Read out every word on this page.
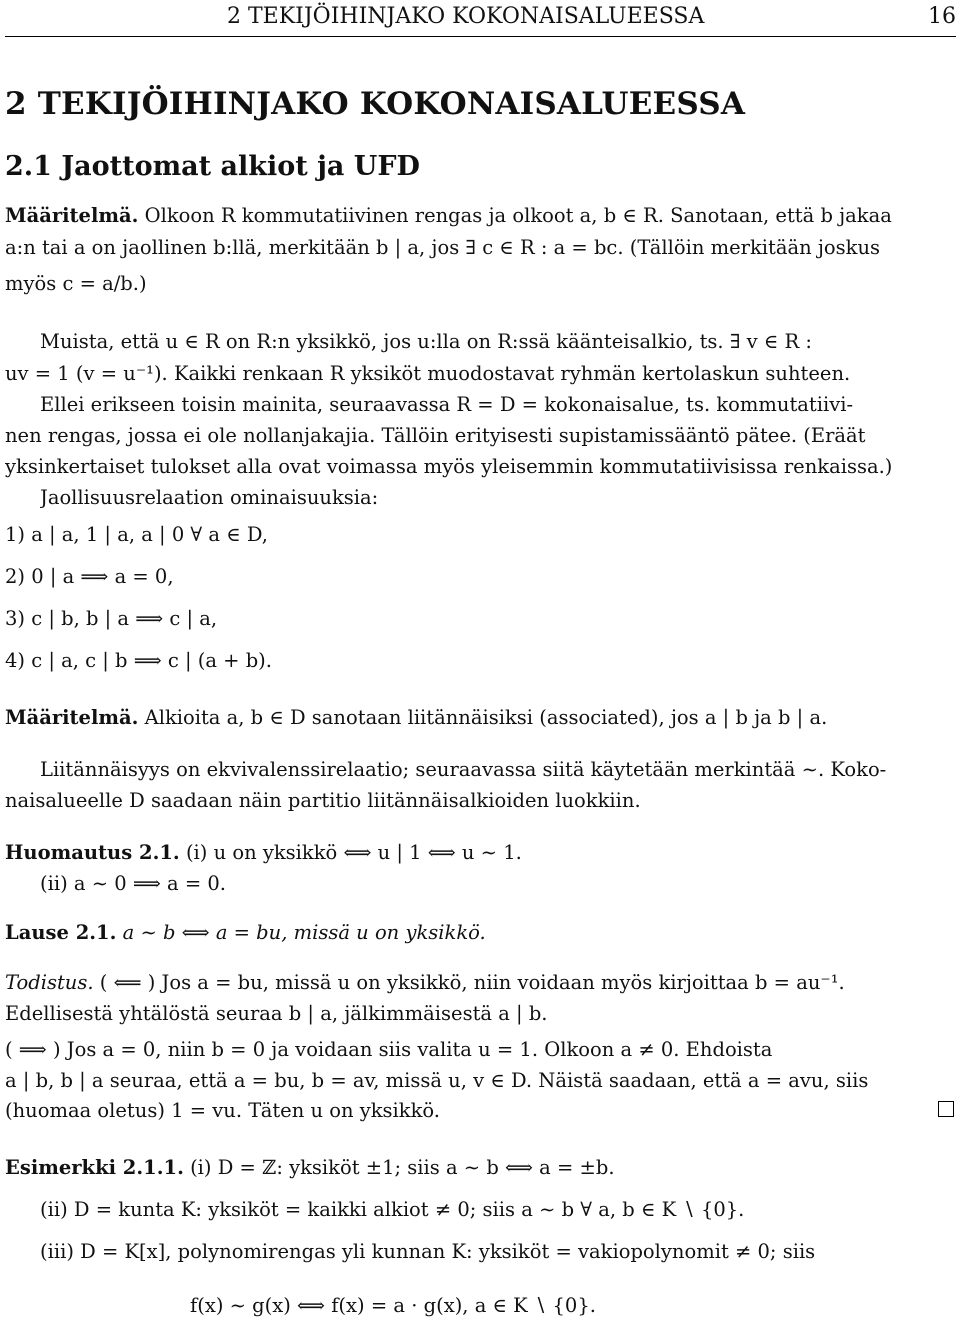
2 TEKIJÖIHINJAKO KOKONAISALUEESSA	16
2 TEKIJÖIHINJAKO KOKONAISALUEESSA
2.1 Jaottomat alkiot ja UFD
Määritelmä. Olkoon R kommutatiivinen rengas ja olkoot a, b ∈ R. Sanotaan, että b jakaa
a:n tai a on jaollinen b:llä, merkitään b | a, jos ∃ c ∈ R : a = bc. (Tällöin merkitään joskus
myös c = a/b.)
Muista, että u ∈ R on R:n yksikkö, jos u:lla on R:ssä käänteisalkio, ts. ∃ v ∈ R :
uv = 1 (v = u⁻¹). Kaikki renkaan R yksiköt muodostavat ryhmän kertolaskun suhteen.
Ellei erikseen toisin mainita, seuraavassa R = D = kokonaisalue, ts. kommutatiivi-
nen rengas, jossa ei ole nollanjakajia. Tällöin erityisesti supistamissääntö pätee. (Eräät
yksinkertaiset tulokset alla ovat voimassa myös yleisemmin kommutatiivisissa renkaissa.)
Jaollisuusrelaation ominaisuuksia:
1) a | a, 1 | a, a | 0 ∀ a ∈ D,
2) 0 | a ⟹ a = 0,
3) c | b, b | a ⟹ c | a,
4) c | a, c | b ⟹ c | (a + b).
Määritelmä. Alkioita a, b ∈ D sanotaan liitännäisiksi (associated), jos a | b ja b | a.
Liitännäisyys on ekvivalenssirelaatio; seuraavassa siitä käytetään merkintää ∼. Koko-
naisalueelle D saadaan näin partitio liitännäisalkioiden luokkiin.
Huomautus 2.1. (i) u on yksikkö ⟺ u | 1 ⟺ u ∼ 1.
(ii) a ∼ 0 ⟹ a = 0.
Lause 2.1. a ∼ b ⟺ a = bu, missä u on yksikkö.
Todistus. ( ⟸ ) Jos a = bu, missä u on yksikkö, niin voidaan myös kirjoittaa b = au⁻¹.
Edellisestä yhtälöstä seuraa b | a, jälkimmäisestä a | b.
( ⟹ ) Jos a = 0, niin b = 0 ja voidaan siis valita u = 1. Olkoon a ≠ 0. Ehdoista
a | b, b | a seuraa, että a = bu, b = av, missä u, v ∈ D. Näistä saadaan, että a = avu, siis
(huomaa oletus) 1 = vu. Täten u on yksikkö.
Esimerkki 2.1.1. (i) D = ℤ: yksiköt ±1; siis a ∼ b ⟺ a = ±b.
(ii) D = kunta K: yksiköt = kaikki alkiot ≠ 0; siis a ∼ b ∀ a, b ∈ K ∖ {0}.
(iii) D = K[x], polynomirengas yli kunnan K: yksiköt = vakiopolynomit ≠ 0; siis
f(x) ∼ g(x) ⟺ f(x) = a · g(x), a ∈ K ∖ {0}.
